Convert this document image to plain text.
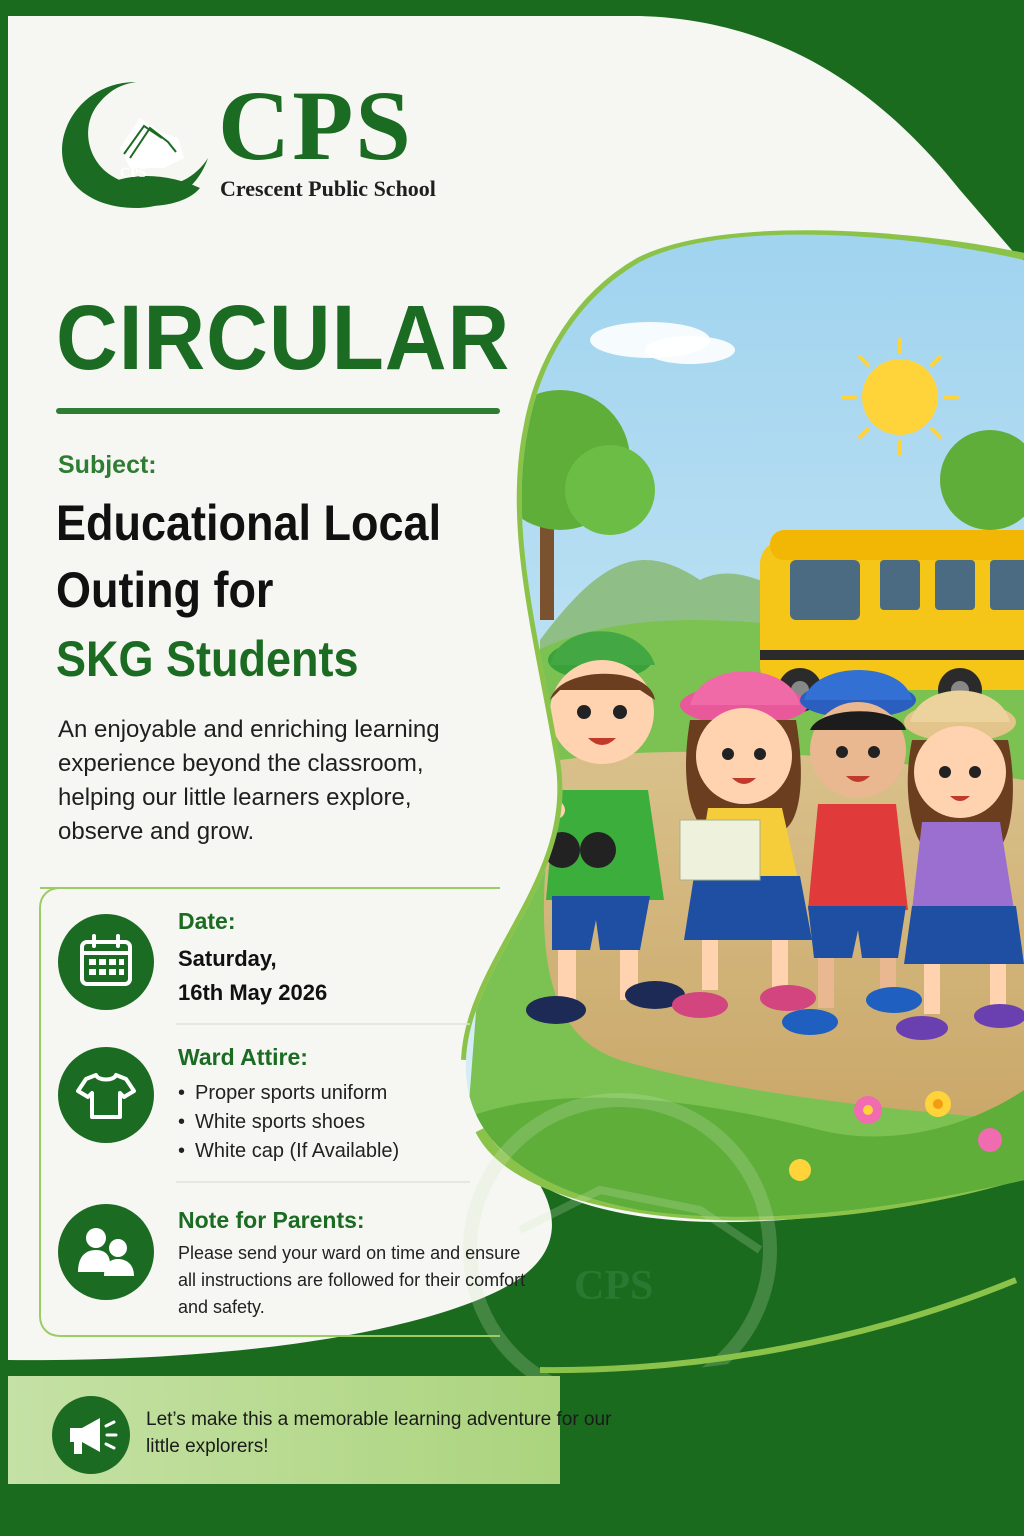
CPS CPS
Crescent Public School
CIRCULAR
Subject:
Educational Local
Outing for
SKG Students

An enjoyable and enriching learning experience beyond the classroom, helping our little learners explore, observe and grow.

Date:
Saturday,
16th May 2026
Ward Attire:
• Proper sports uniform
• White sports shoes
• White cap (If Available)
Note for Parents:

Please send your ward on time and ensure all instructions are followed for their comfort and safety.	CPS

Let’s make this a memorable learning adventure for our little explorers!
